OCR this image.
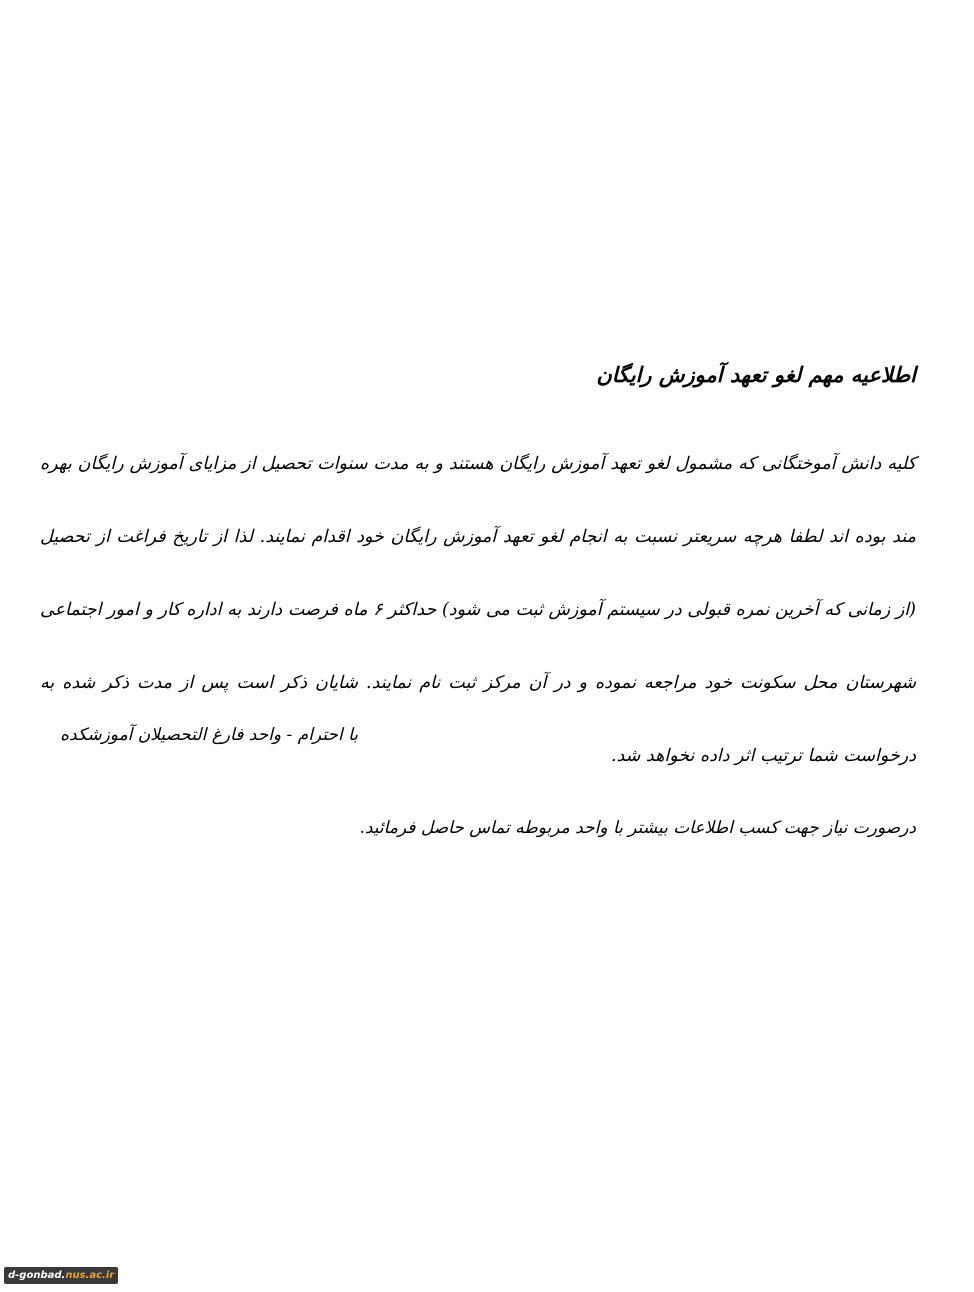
اطلاعیه مهم لغو تعهد آموزش رایگان
کلیه دانش آموختگانی که مشمول لغو تعهد آموزش رایگان هستند و به مدت سنوات تحصیل از مزایای آموزش رایگان بهره مند بوده اند لطفا هرچه سریعتر نسبت به انجام لغو تعهد آموزش رایگان خود اقدام نمایند. لذا از تاریخ فراغت از تحصیل (از زمانی که آخرین نمره قبولی در سیستم آموزش ثبت می شود) حداکثر ۶ ماه فرصت دارند به اداره کار و امور اجتماعی شهرستان محل سکونت خود مراجعه نموده و در آن مرکز ثبت نام نمایند. شایان ذکر است پس از مدت ذکر شده به درخواست شما ترتیب اثر داده نخواهد شد.
با احترام - واحد فارغ التحصیلان آموزشکده
درصورت نیاز جهت کسب اطلاعات بیشتر با واحد مربوطه تماس حاصل فرمائید.
d-gonbad. nus.ac.ir
